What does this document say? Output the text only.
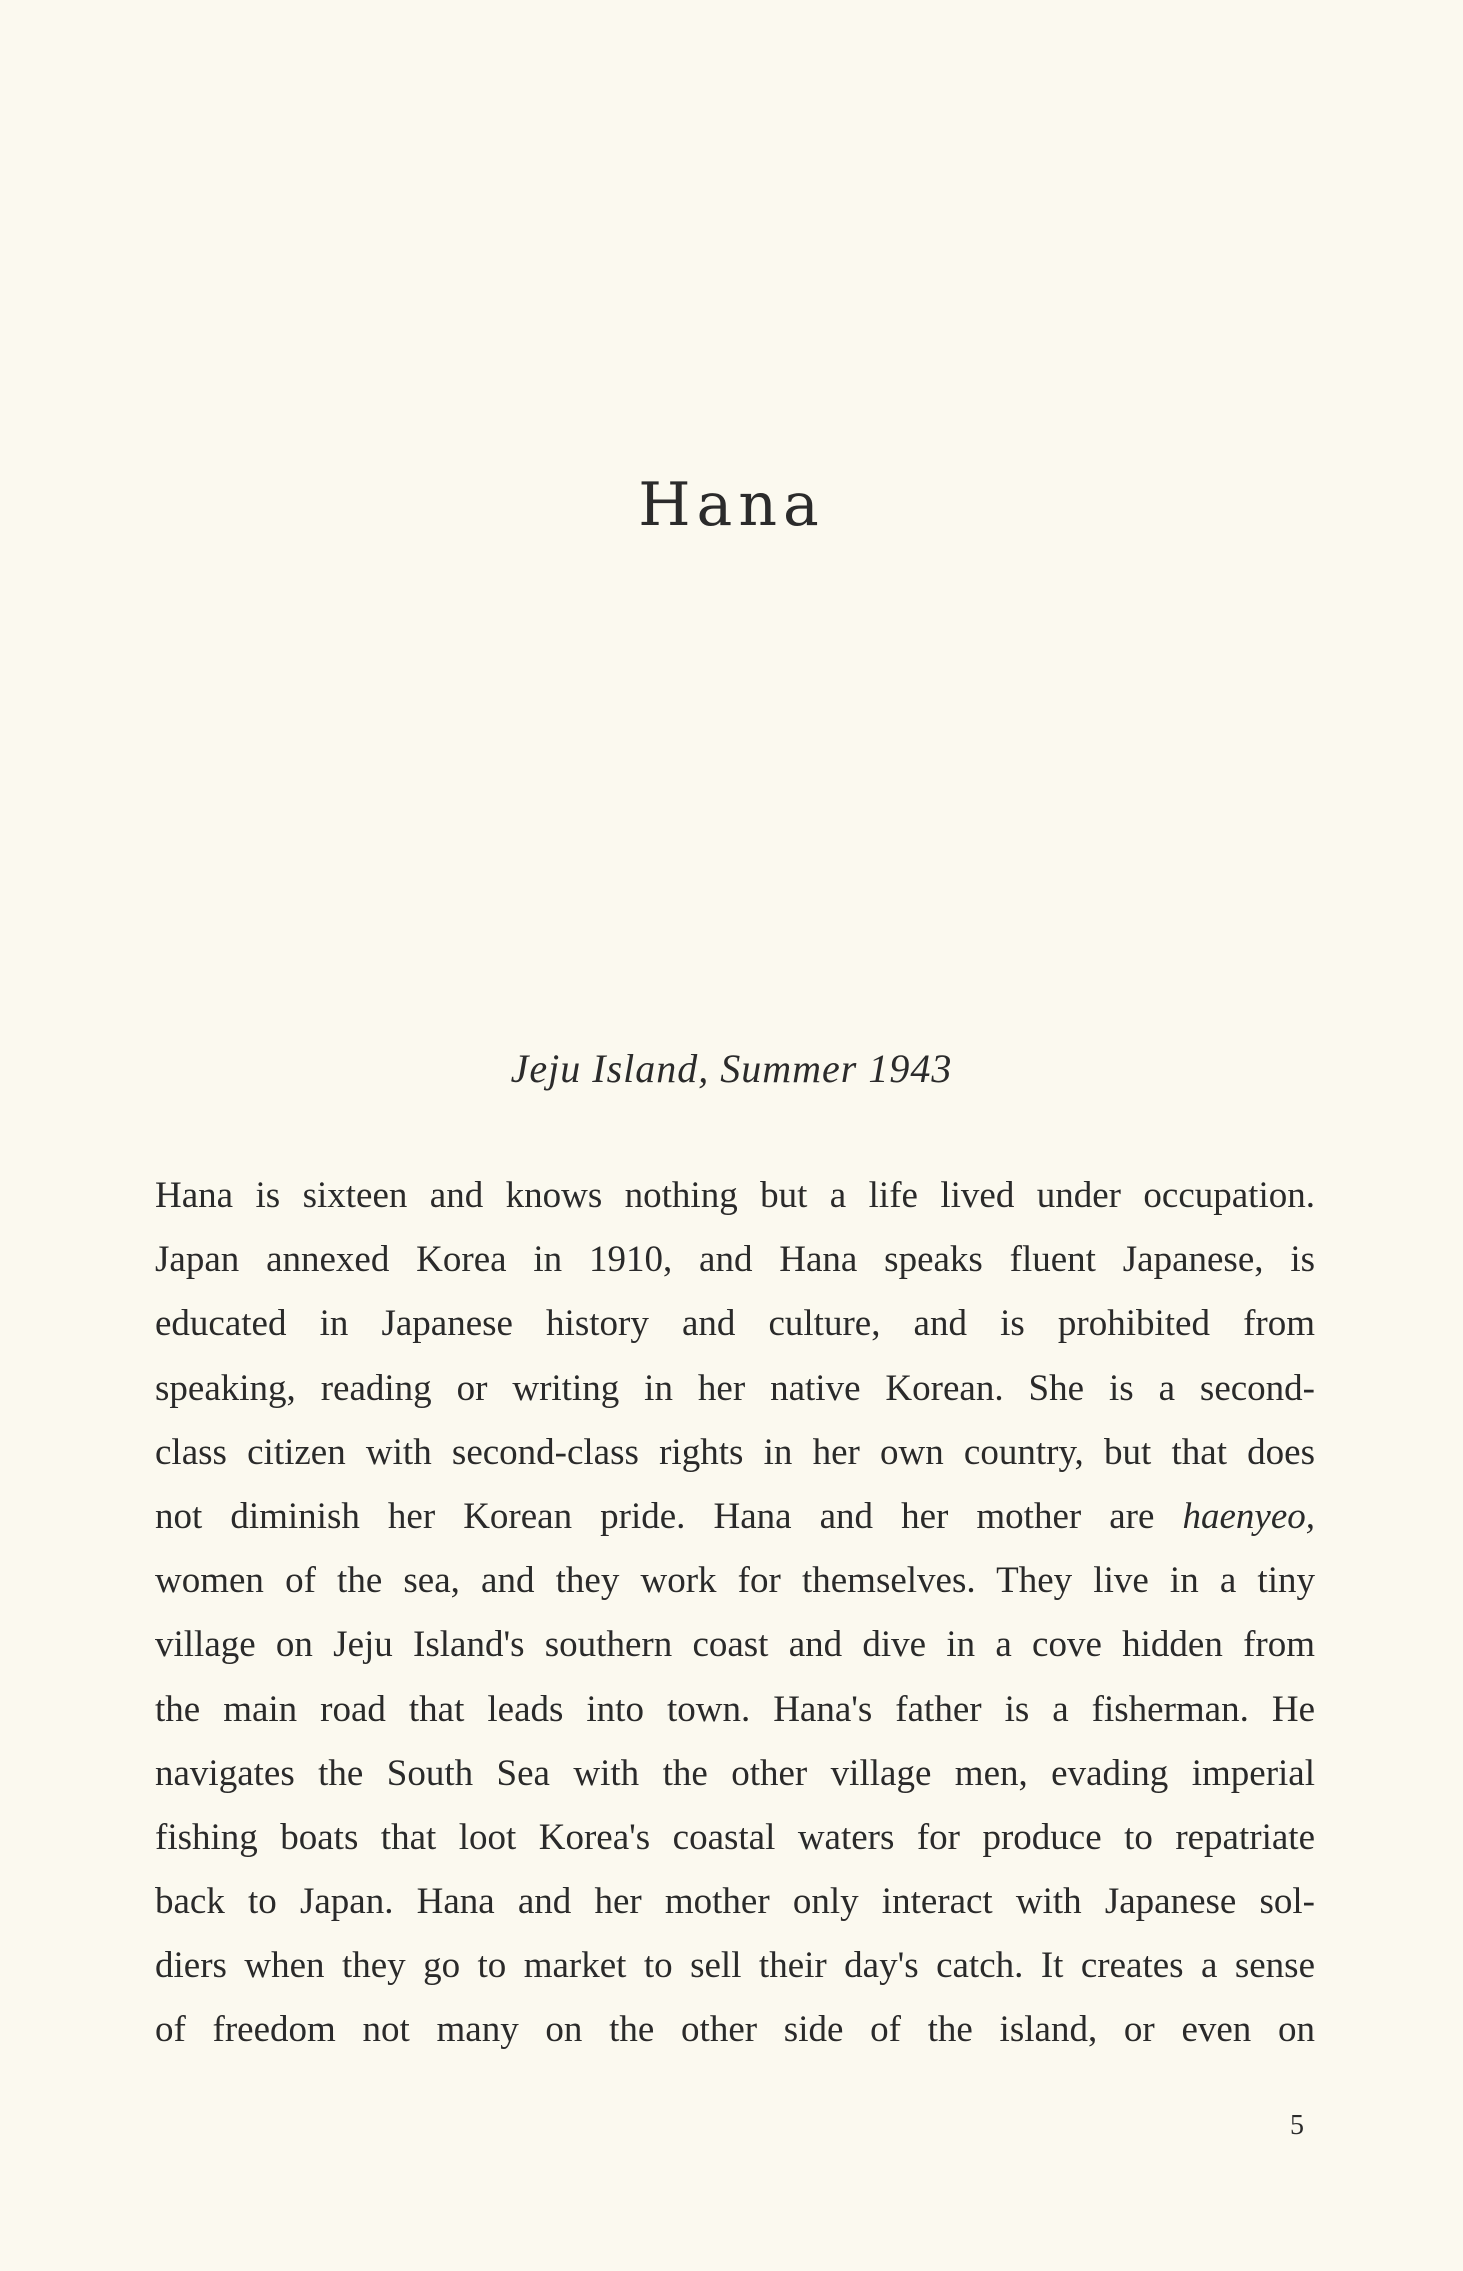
Hana

Jeju Island, Summer 1943

Hana is sixteen and knows nothing but a life lived under occupation.
Japan annexed Korea in 1910, and Hana speaks fluent Japanese, is
educated in Japanese history and culture, and is prohibited from
speaking, reading or writing in her native Korean. She is a second-
class citizen with second-class rights in her own country, but that does
not diminish her Korean pride. Hana and her mother are haenyeo,
women of the sea, and they work for themselves. They live in a tiny
village on Jeju Island's southern coast and dive in a cove hidden from
the main road that leads into town. Hana's father is a fisherman. He
navigates the South Sea with the other village men, evading imperial
fishing boats that loot Korea's coastal waters for produce to repatriate
back to Japan. Hana and her mother only interact with Japanese sol-
diers when they go to market to sell their day's catch. It creates a sense
of freedom not many on the other side of the island, or even on
5
